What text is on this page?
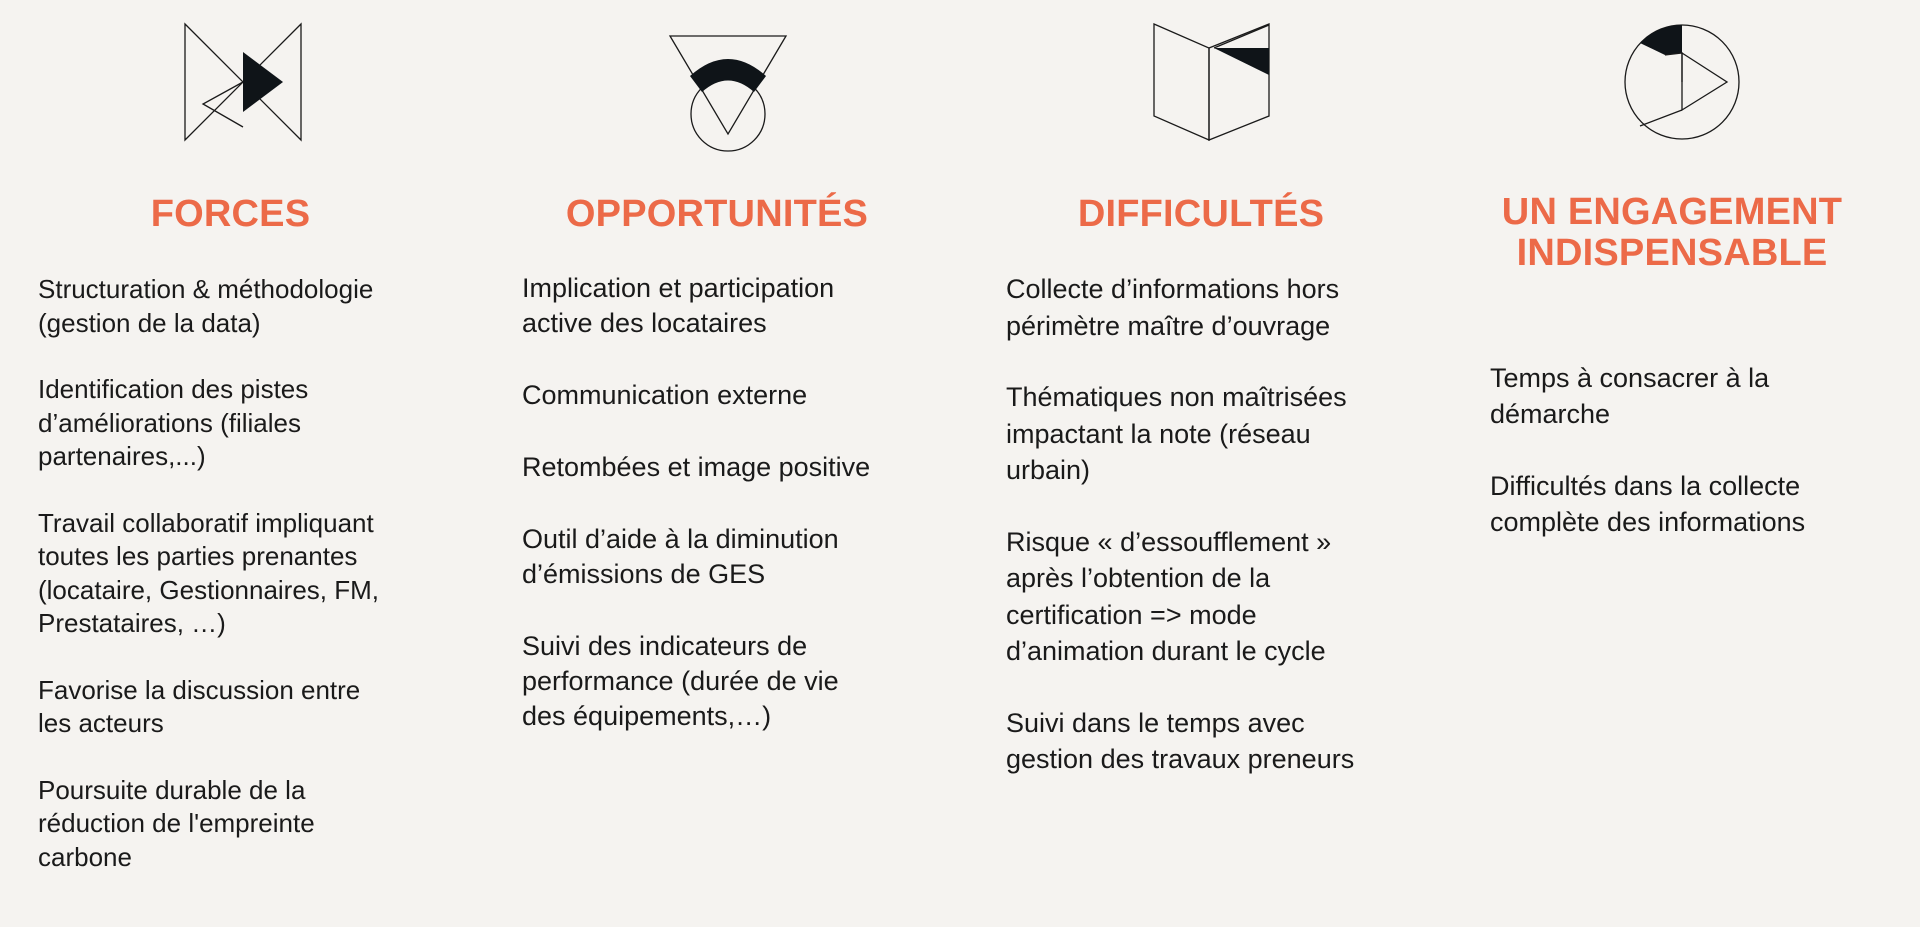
FORCES
Structuration & méthodologie
(gestion de la data)
Identification des pistes
d’améliorations (filiales
partenaires,...)
Travail collaboratif impliquant
toutes les parties prenantes
(locataire, Gestionnaires, FM,
Prestataires, …)
Favorise la discussion entre
les acteurs
Poursuite durable de la
réduction de l'empreinte
carbone
OPPORTUNITÉS
Implication et participation
active des locataires
Communication externe
Retombées et image positive
Outil d’aide à la diminution
d’émissions de GES
Suivi des indicateurs de
performance (durée de vie
des équipements,…)
DIFFICULTÉS
Collecte d’informations hors
périmètre maître d’ouvrage
Thématiques non maîtrisées
impactant la note (réseau
urbain)
Risque « d’essoufflement »
après l’obtention de la
certification => mode
d’animation durant le cycle
Suivi dans le temps avec
gestion des travaux preneurs
UN ENGAGEMENT
INDISPENSABLE
Temps à consacrer à la
démarche
Difficultés dans la collecte
complète des informations
